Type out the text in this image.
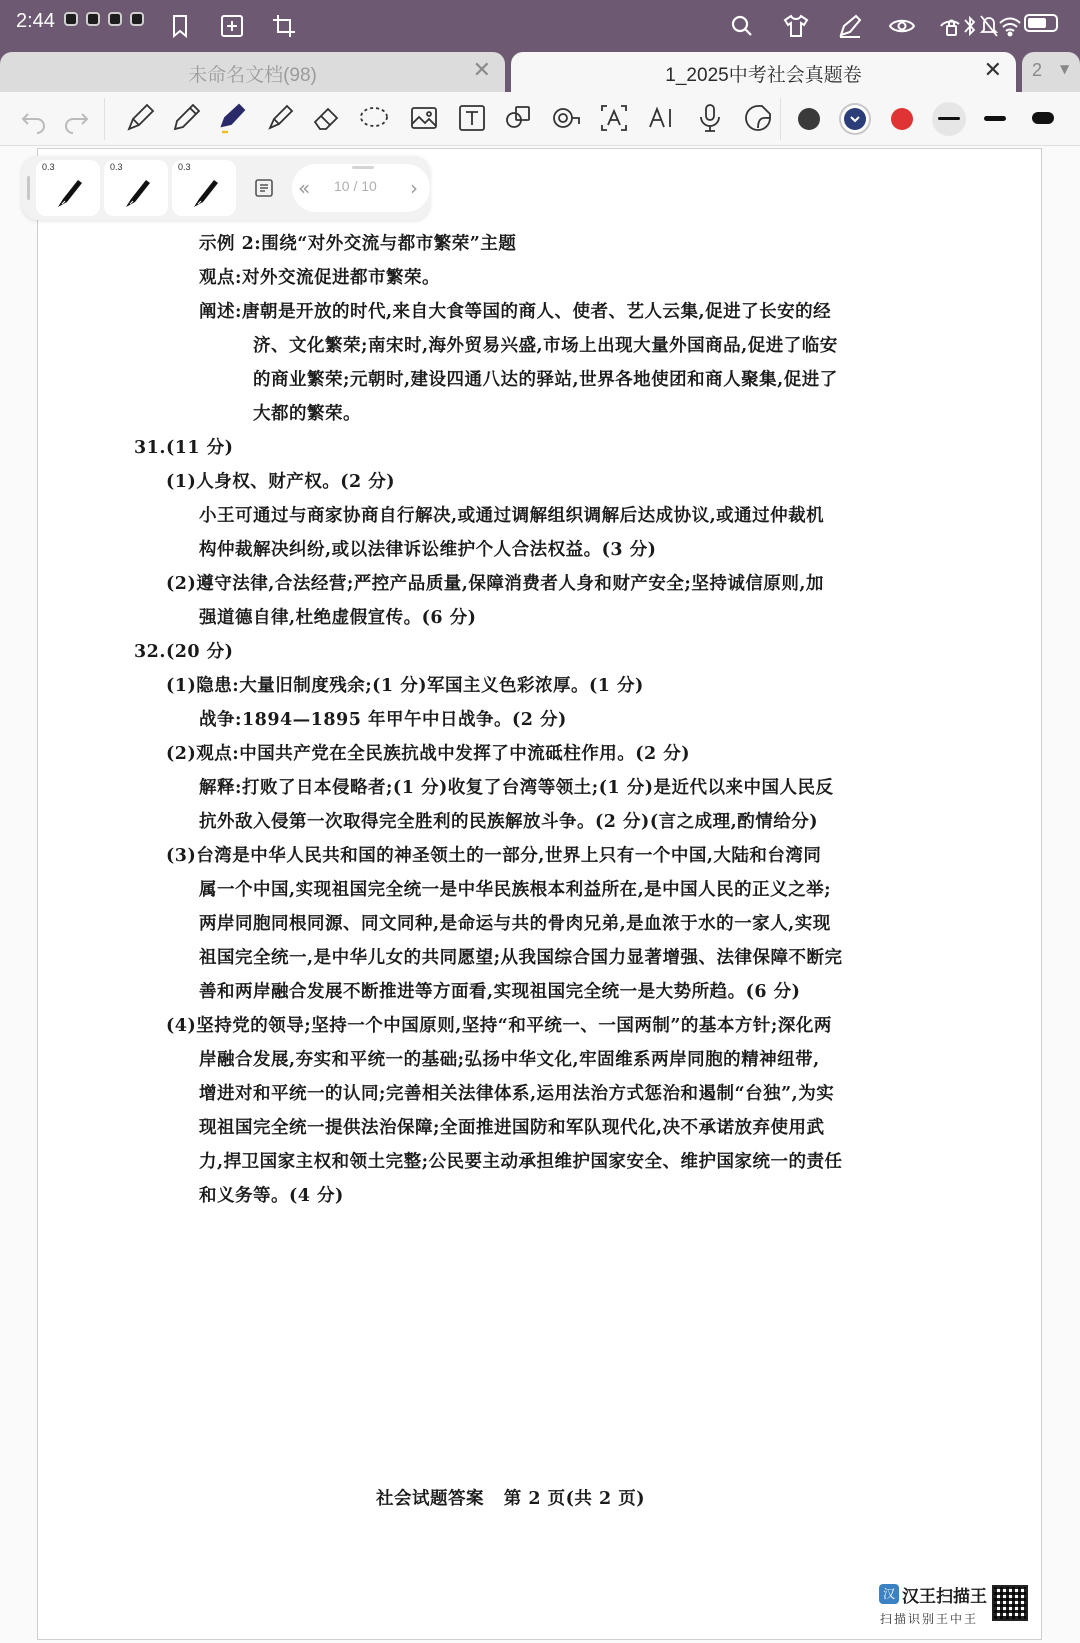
2:44
未命名文档(98)	✕	1_2025中考社会真题卷	✕	2	▼
示例 2:围绕“对外交流与都市繁荣”主题
观点:对外交流促进都市繁荣。
阐述:唐朝是开放的时代,来自大食等国的商人、使者、艺人云集,促进了长安的经
济、文化繁荣;南宋时,海外贸易兴盛,市场上出现大量外国商品,促进了临安
的商业繁荣;元朝时,建设四通八达的驿站,世界各地使团和商人聚集,促进了
大都的繁荣。
31.(11 分)
(1)人身权、财产权。(2 分)
小王可通过与商家协商自行解决,或通过调解组织调解后达成协议,或通过仲裁机
构仲裁解决纠纷,或以法律诉讼维护个人合法权益。(3 分)
(2)遵守法律,合法经营;严控产品质量,保障消费者人身和财产安全;坚持诚信原则,加
强道德自律,杜绝虚假宣传。(6 分)
32.(20 分)
(1)隐患:大量旧制度残余;(1 分)军国主义色彩浓厚。(1 分)
战争:1894—1895 年甲午中日战争。(2 分)
(2)观点:中国共产党在全民族抗战中发挥了中流砥柱作用。(2 分)
解释:打败了日本侵略者;(1 分)收复了台湾等领土;(1 分)是近代以来中国人民反
抗外敌入侵第一次取得完全胜利的民族解放斗争。(2 分)(言之成理,酌情给分)
(3)台湾是中华人民共和国的神圣领土的一部分,世界上只有一个中国,大陆和台湾同
属一个中国,实现祖国完全统一是中华民族根本利益所在,是中国人民的正义之举;
两岸同胞同根同源、同文同种,是命运与共的骨肉兄弟,是血浓于水的一家人,实现
祖国完全统一,是中华儿女的共同愿望;从我国综合国力显著增强、法律保障不断完
善和两岸融合发展不断推进等方面看,实现祖国完全统一是大势所趋。(6 分)
(4)坚持党的领导;坚持一个中国原则,坚持“和平统一、一国两制”的基本方针;深化两
岸融合发展,夯实和平统一的基础;弘扬中华文化,牢固维系两岸同胞的精神纽带,
增进对和平统一的认同;完善相关法律体系,运用法治方式惩治和遏制“台独”,为实
现祖国完全统一提供法治保障;全面推进国防和军队现代化,决不承诺放弃使用武
力,捍卫国家主权和领土完整;公民要主动承担维护国家安全、维护国家统一的责任
和义务等。(4 分)
社会试题答案   第 2 页(共 2 页)
0.3	0.3	0.3
« 10 / 10 ›
汉 汉王扫描王
扫描识别王中王
